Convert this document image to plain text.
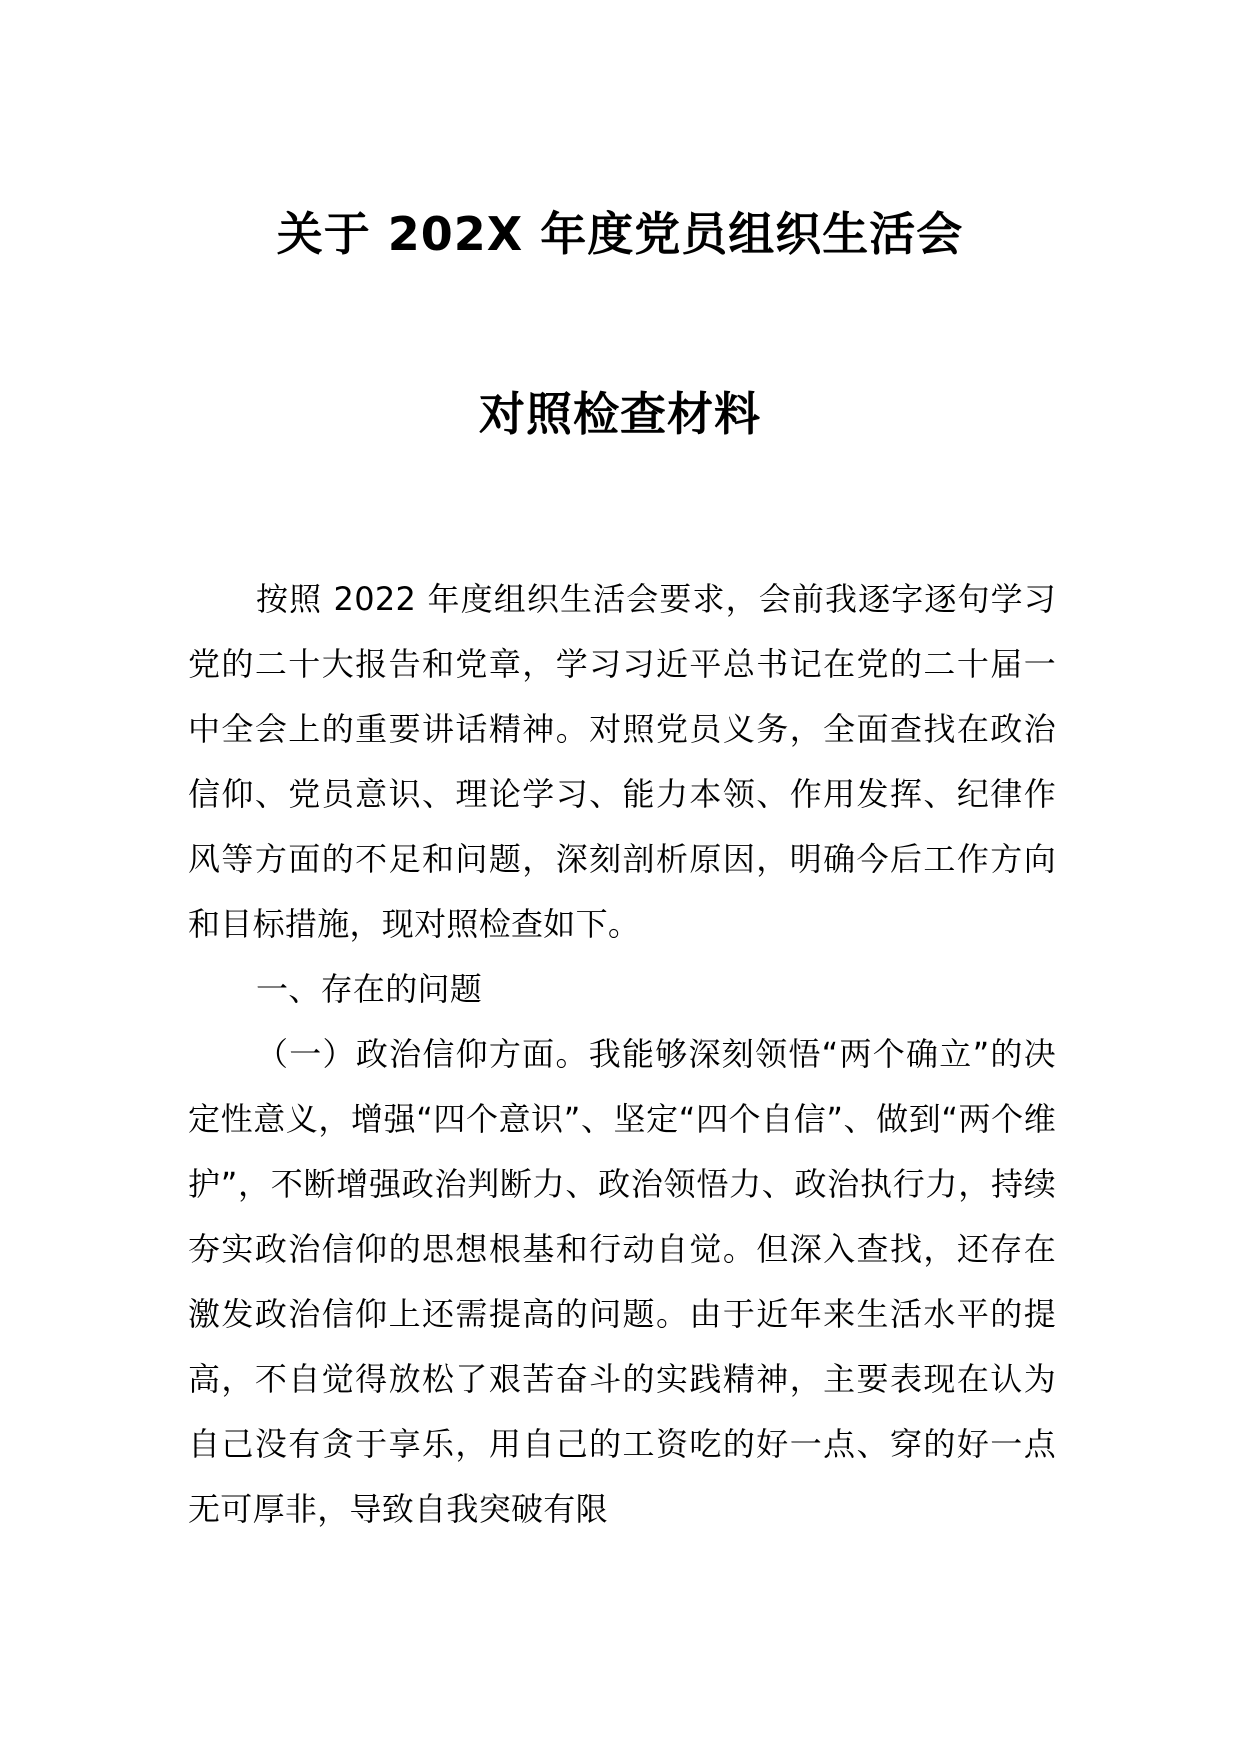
关于 202X 年度党员组织生活会
对照检查材料

按照 2022 年度组织生活会要求，会前我逐字逐句学习党的二十大报告和党章，学习习近平总书记在党的二十届一中全会上的重要讲话精神。对照党员义务，全面查找在政治信仰、党员意识、理论学习、能力本领、作用发挥、纪律作风等方面的不足和问题，深刻剖析原因，明确今后工作方向和目标措施，现对照检查如下。

一、存在的问题

（一）政治信仰方面。我能够深刻领悟“两个确立”的决定性意义，增强“四个意识”、坚定“四个自信”、做到“两个维护”，不断增强政治判断力、政治领悟力、政治执行力，持续夯实政治信仰的思想根基和行动自觉。但深入查找，还存在激发政治信仰上还需提高的问题。由于近年来生活水平的提高，不自觉得放松了艰苦奋斗的实践精神，主要表现在认为自己没有贪于享乐，用自己的工资吃的好一点、穿的好一点无可厚非，导致自我突破有限
